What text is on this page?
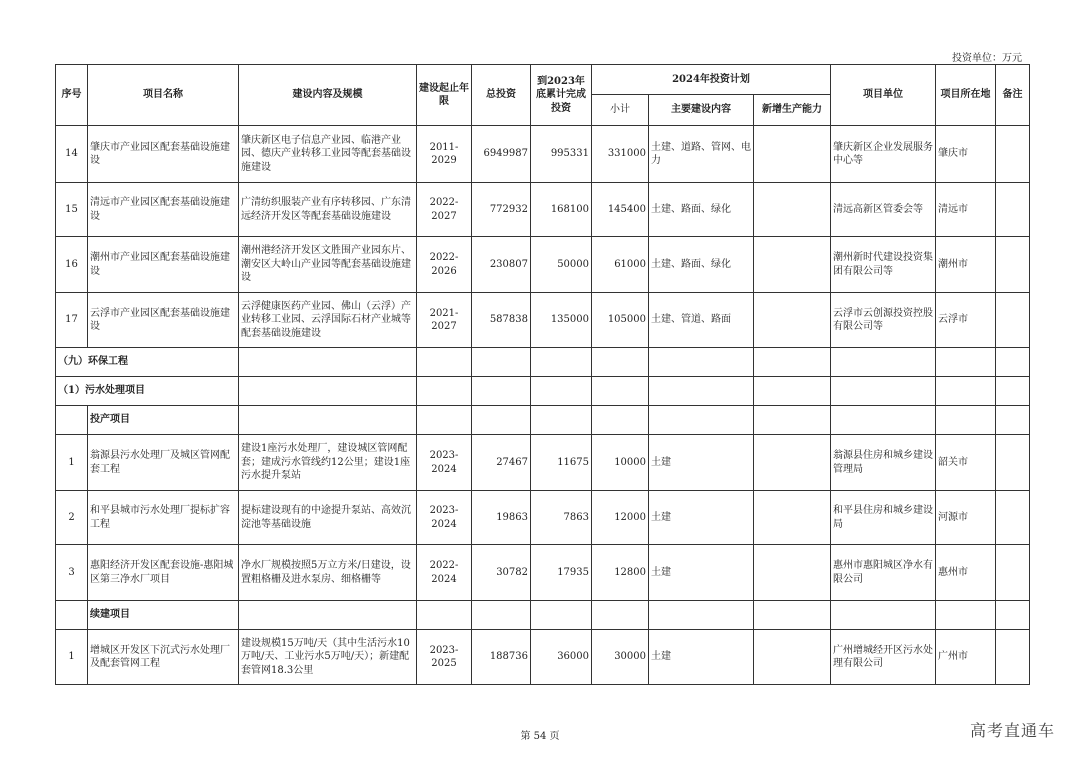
投资单位：万元
序号	项目名称	建设内容及规模	建设起止年限	总投资	到2023年底累计完成投资	2024年投资计划			项目单位	项目所在地	备注
						小计	主要建设内容	新增生产能力			
14	肇庆市产业园区配套基础设施建设	肇庆新区电子信息产业园、临港产业园、德庆产业转移工业园等配套基础设施建设	2011-2029	6949987	995331	331000	土建、道路、管网、电力		肇庆新区企业发展服务中心等	肇庆市	
15	清远市产业园区配套基础设施建设	广清纺织服装产业有序转移园、广东清远经济开发区等配套基础设施建设	2022-2027	772932	168100	145400	土建、路面、绿化		清远高新区管委会等	清远市	
16	潮州市产业园区配套基础设施建设	潮州港经济开发区文胜围产业园东片、潮安区大岭山产业园等配套基础设施建设	2022-2026	230807	50000	61000	土建、路面、绿化		潮州新时代建设投资集团有限公司等	潮州市	
17	云浮市产业园区配套基础设施建设	云浮健康医药产业园、佛山（云浮）产业转移工业园、云浮国际石材产业城等配套基础设施建设	2021-2027	587838	135000	105000	土建、管道、路面		云浮市云创源投资控股有限公司等	云浮市	
（九）环保工程											
（1）污水处理项目											
	投产项目										
1	翁源县污水处理厂及城区管网配套工程	建设1座污水处理厂，建设城区管网配套；建成污水管线约12公里；建设1座污水提升泵站	2023-2024	27467	11675	10000	土建		翁源县住房和城乡建设管理局	韶关市	
2	和平县城市污水处理厂提标扩容工程	提标建设现有的中途提升泵站、高效沉淀池等基础设施	2023-2024	19863	7863	12000	土建		和平县住房和城乡建设局	河源市	
3	惠阳经济开发区配套设施-惠阳城区第三净水厂项目	净水厂规模按照5万立方米/日建设，设置粗格栅及进水泵房、细格栅等	2022-2024	30782	17935	12800	土建		惠州市惠阳城区净水有限公司	惠州市	
	续建项目										
1	增城区开发区下沉式污水处理厂及配套管网工程	建设规模15万吨/天（其中生活污水10万吨/天、工业污水5万吨/天）；新建配套管网18.3公里	2023-2025	188736	36000	30000	土建		广州增城经开区污水处理有限公司	广州市	
第 54 页	高考直通车
